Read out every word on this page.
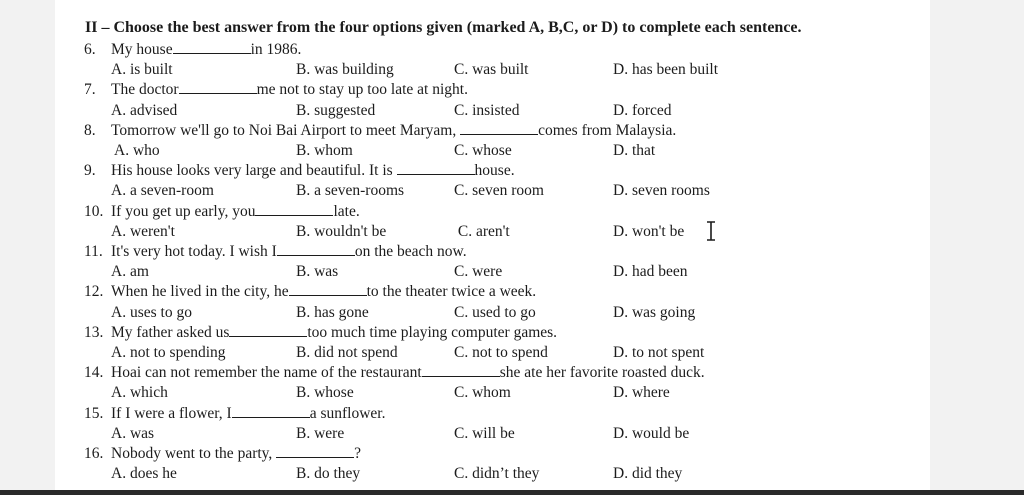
II – Choose the best answer from the four options given (marked A, B,C, or D) to complete each sentence.
6. My house	in 1986.
A. is built	B. was building	C. was built	D. has been built
7. The doctor	me not to stay up too late at night.
A. advised	B. suggested	C. insisted	D. forced
8. Tomorrow we'll go to Noi Bai Airport to meet Maryam,	comes from Malaysia.
A. who	B. whom	C. whose	D. that
9. His house looks very large and beautiful. It is	house.
A. a seven-room	B. a seven-rooms	C. seven room	D. seven rooms
10. If you get up early, you	late.
A. weren't	B. wouldn't be	C. aren't	D. won't be
11. It's very hot today. I wish I	on the beach now.
A. am	B. was	C. were	D. had been
12. When he lived in the city, he	to the theater twice a week.
A. uses to go	B. has gone	C. used to go	D. was going
13. My father asked us	too much time playing computer games.
A. not to spending	B. did not spend	C. not to spend	D. to not spent
14. Hoai can not remember the name of the restaurant	she ate her favorite roasted duck.
A. which	B. whose	C. whom	D. where
15. If I were a flower, I	a sunflower.
A. was	B. were	C. will be	D. would be
16. Nobody went to the party,	?
A. does he	B. do they	C. didn’t they	D. did they
